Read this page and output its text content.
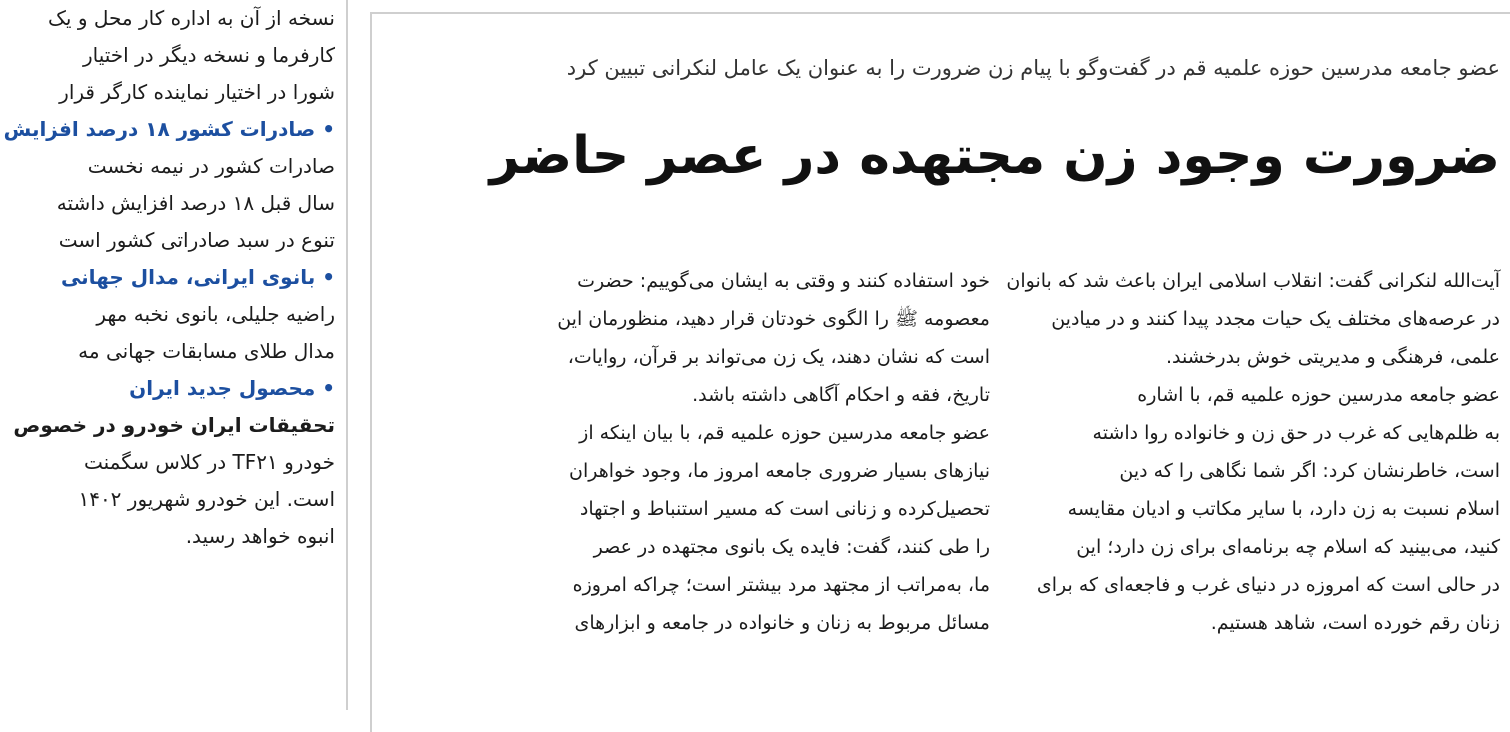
نسخه از آن به اداره کار محل و یک
کارفرما و نسخه دیگر در اختیار
شورا در اختیار نماینده کارگر قرار
• صادرات کشور ۱۸ درصد افزایش
صادرات کشور در نیمه نخست
سال قبل ۱۸ درصد افزایش داشته
تنوع در سبد صادراتی کشور است
• بانوی ایرانی، مدال جهانی
راضیه جلیلی، بانوی نخبه مهر
مدال طلای مسابقات جهانی مه
• محصول جدید ایران
تحقیقات ایران خودرو در خصوص
خودرو TF۲۱ در کلاس سگمنت
است. این خودرو شهریور ۱۴۰۲
انبوه خواهد رسید.
عضو جامعه مدرسین حوزه علمیه قم در گفت‌وگو با پیام زن ضرورت را به عنوان یک عامل لنکرانی تبیین کرد
ضرورت وجود زن مجتهده در عصر حاضر
خود استفاده کنند و وقتی به ایشان می‌گوییم: حضرت
معصومه ﷺ را الگوی خودتان قرار دهید، منظورمان این
است که نشان دهند، یک زن می‌تواند بر قرآن، روایات،
تاریخ، فقه و احکام آگاهی داشته باشد.
عضو جامعه مدرسین حوزه علمیه قم، با بیان اینکه از
نیازهای بسیار ضروری جامعه امروز ما، وجود خواهران
تحصیل‌کرده و زنانی است که مسیر استنباط و اجتهاد
را طی کنند، گفت: فایده یک بانوی مجتهده در عصر
ما، به‌مراتب از مجتهد مرد بیشتر است؛ چراکه امروزه
مسائل مربوط به زنان و خانواده در جامعه و ابزارهای
آیت‌الله لنکرانی گفت: انقلاب اسلامی ایران باعث شد که بانوان
در عرصه‌های مختلف یک حیات مجدد پیدا کنند و در میادین
علمی، فرهنگی و مدیریتی خوش بدرخشند.
عضو جامعه مدرسین حوزه علمیه قم، با اشاره
به ظلم‌هایی که غرب در حق زن و خانواده روا داشته
است، خاطرنشان کرد: اگر شما نگاهی را که دین
اسلام نسبت به زن دارد، با سایر مکاتب و ادیان مقایسه
کنید، می‌بینید که اسلام چه برنامه‌ای برای زن دارد؛ این
در حالی است که امروزه در دنیای غرب و فاجعه‌ای که برای
زنان رقم خورده است، شاهد هستیم.
